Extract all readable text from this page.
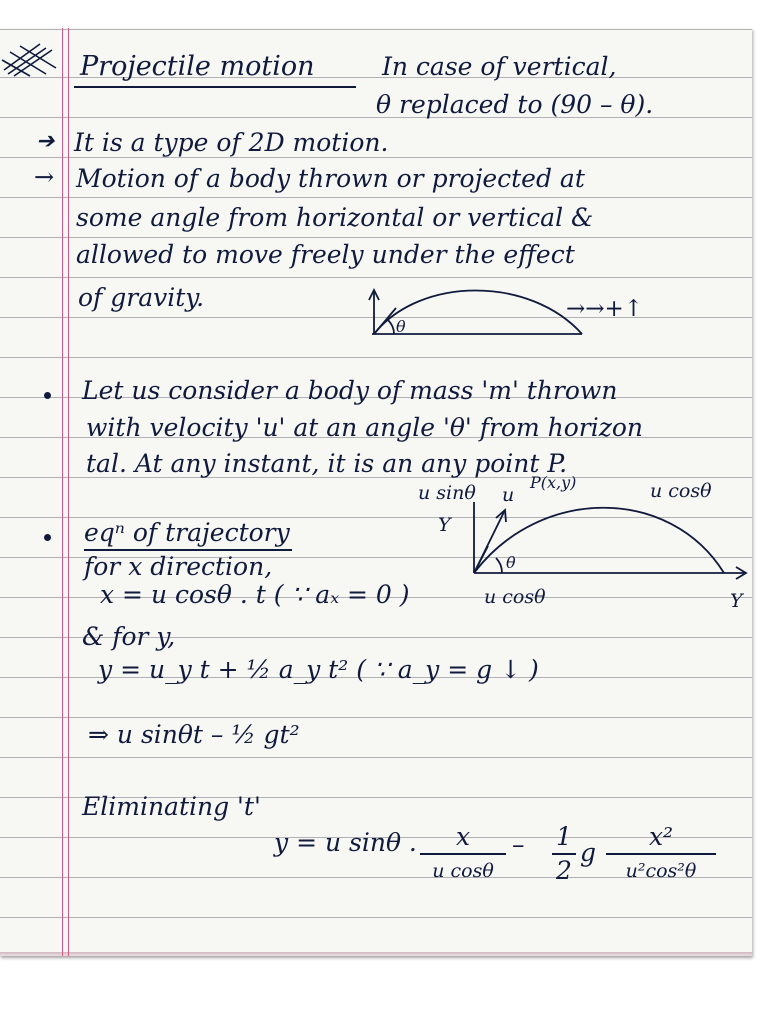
Projectile motion	In case of vertical,
θ replaced to (90 – θ).
➔ It is a type of 2D motion.
→ Motion of a body thrown or projected at
some angle from horizontal or vertical &
allowed to move freely under the effect
of gravity.
θ
→→+↑
Let us consider a body of mass 'm' thrown
with velocity 'u' at an angle 'θ' from horizon
tal. At any instant, it is an any point P.
u sinθ u
P(x,y)	u cosθ
Y
θ
u cosθ	Y
eqⁿ of trajectory
for x direction,
x = u cosθ . t ( ∵ aₓ = 0 )
& for y,
y = u_y t + ½ a_y t² ( ∵ a_y = g ↓ )
⇒ u sinθt – ½ gt²
Eliminating 't'
y = u sinθ .	x
u cosθ
– 1
2
g
x²
u²cos²θ
